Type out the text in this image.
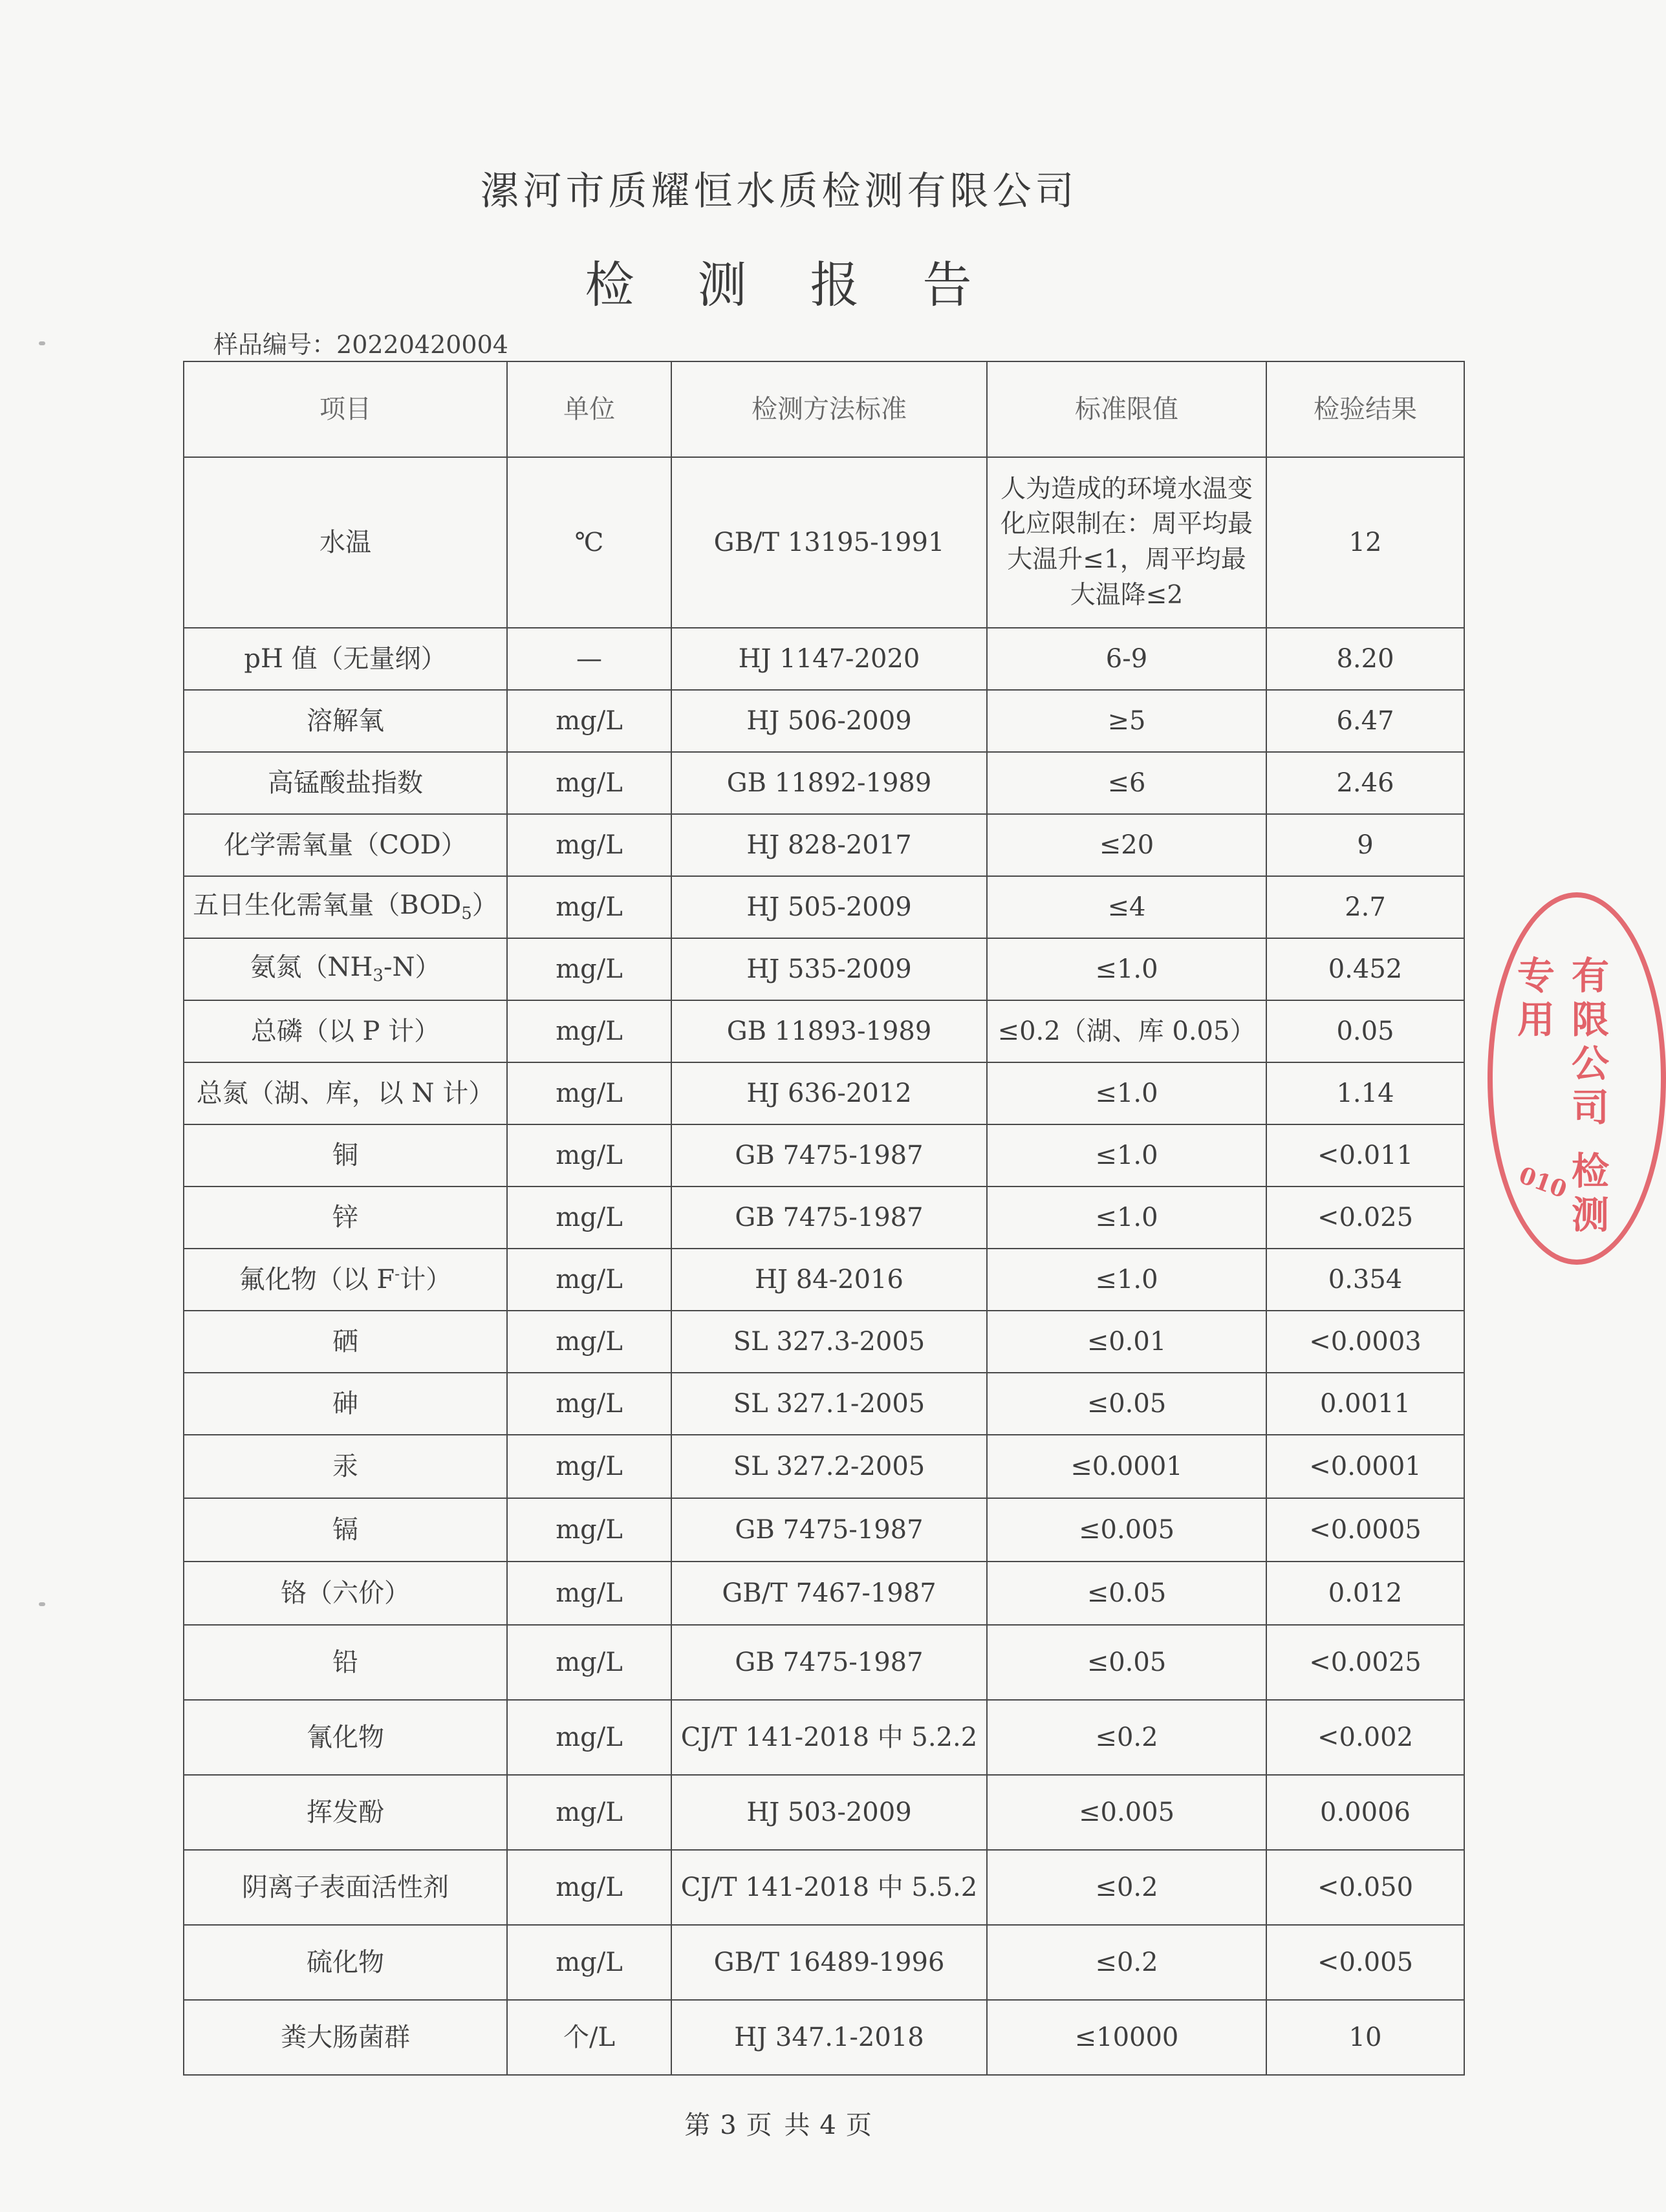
漯河市质耀恒水质检测有限公司
检 测 报 告
样品编号：20220420004
项目	单位	检测方法标准	标准限值	检验结果
水温	℃	GB/T 13195-1991	人为造成的环境水温变化应限制在：周平均最大温升≤1，周平均最大温降≤2	12
pH 值（无量纲）	—	HJ 1147-2020	6-9	8.20
溶解氧	mg/L	HJ 506-2009	≥5	6.47
高锰酸盐指数	mg/L	GB 11892-1989	≤6	2.46
化学需氧量（COD）	mg/L	HJ 828-2017	≤20	9
五日生化需氧量$(BOD_5)$	mg/L	HJ 505-2009	≤4	2.7
氨氮$(NH_3-N)$	mg/L	HJ 535-2009	≤1.0	0.452
总磷（以 P 计）	mg/L	GB 11893-1989	≤0.2（湖、库 0.05）	0.05
总氮（湖、库，以 N 计）	mg/L	HJ 636-2012	≤1.0	1.14
铜	mg/L	GB 7475-1987	≤1.0	<0.011
锌	mg/L	GB 7475-1987	≤1.0	<0.025
氟化物（以 F-计）	mg/L	HJ 84-2016	≤1.0	0.354
硒	mg/L	SL 327.3-2005	≤0.01	<0.0003
砷	mg/L	SL 327.1-2005	≤0.05	0.0011
汞	mg/L	SL 327.2-2005	≤0.0001	<0.0001
镉	mg/L	GB 7475-1987	≤0.005	<0.0005
铬（六价）	mg/L	GB/T 7467-1987	≤0.05	0.012
铅	mg/L	GB 7475-1987	≤0.05	<0.0025
氰化物	mg/L	CJ/T 141-2018 中 5.2.2	≤0.2	<0.002
挥发酚	mg/L	HJ 503-2009	≤0.005	0.0006
阴离子表面活性剂	mg/L	CJ/T 141-2018 中 5.5.2	≤0.2	<0.050
硫化物	mg/L	GB/T 16489-1996	≤0.2	<0.005
粪大肠菌群	个/L	HJ 347.1-2018	≤10000	10
有限公司 检测专用
010
第 3 页 共 4 页
